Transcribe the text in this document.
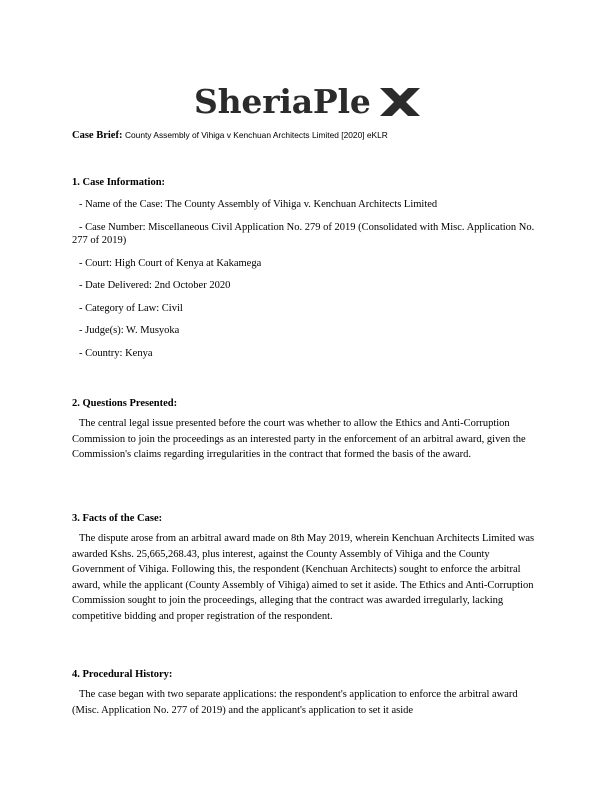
SheriaPle
Case Brief: County Assembly of Vihiga v Kenchuan Architects Limited [2020] eKLR

1. Case Information:

- Name of the Case: The County Assembly of Vihiga v. Kenchuan Architects Limited

- Case Number: Miscellaneous Civil Application No. 279 of 2019 (Consolidated with Misc. Application No. 277 of 2019)

- Court: High Court of Kenya at Kakamega

- Date Delivered: 2nd October 2020

- Category of Law: Civil

- Judge(s): W. Musyoka

- Country: Kenya

2. Questions Presented:

The central legal issue presented before the court was whether to allow the Ethics and Anti-Corruption Commission to join the proceedings as an interested party in the enforcement of an arbitral award, given the Commission's claims regarding irregularities in the contract that formed the basis of the award.

3. Facts of the Case:

The dispute arose from an arbitral award made on 8th May 2019, wherein Kenchuan Architects Limited was awarded Kshs. 25,665,268.43, plus interest, against the County Assembly of Vihiga and the County Government of Vihiga. Following this, the respondent (Kenchuan Architects) sought to enforce the arbitral award, while the applicant (County Assembly of Vihiga) aimed to set it aside. The Ethics and Anti-Corruption Commission sought to join the proceedings, alleging that the contract was awarded irregularly, lacking competitive bidding and proper registration of the respondent.

4. Procedural History:

The case began with two separate applications: the respondent's application to enforce the arbitral award (Misc. Application No. 277 of 2019) and the applicant's application to set it aside
